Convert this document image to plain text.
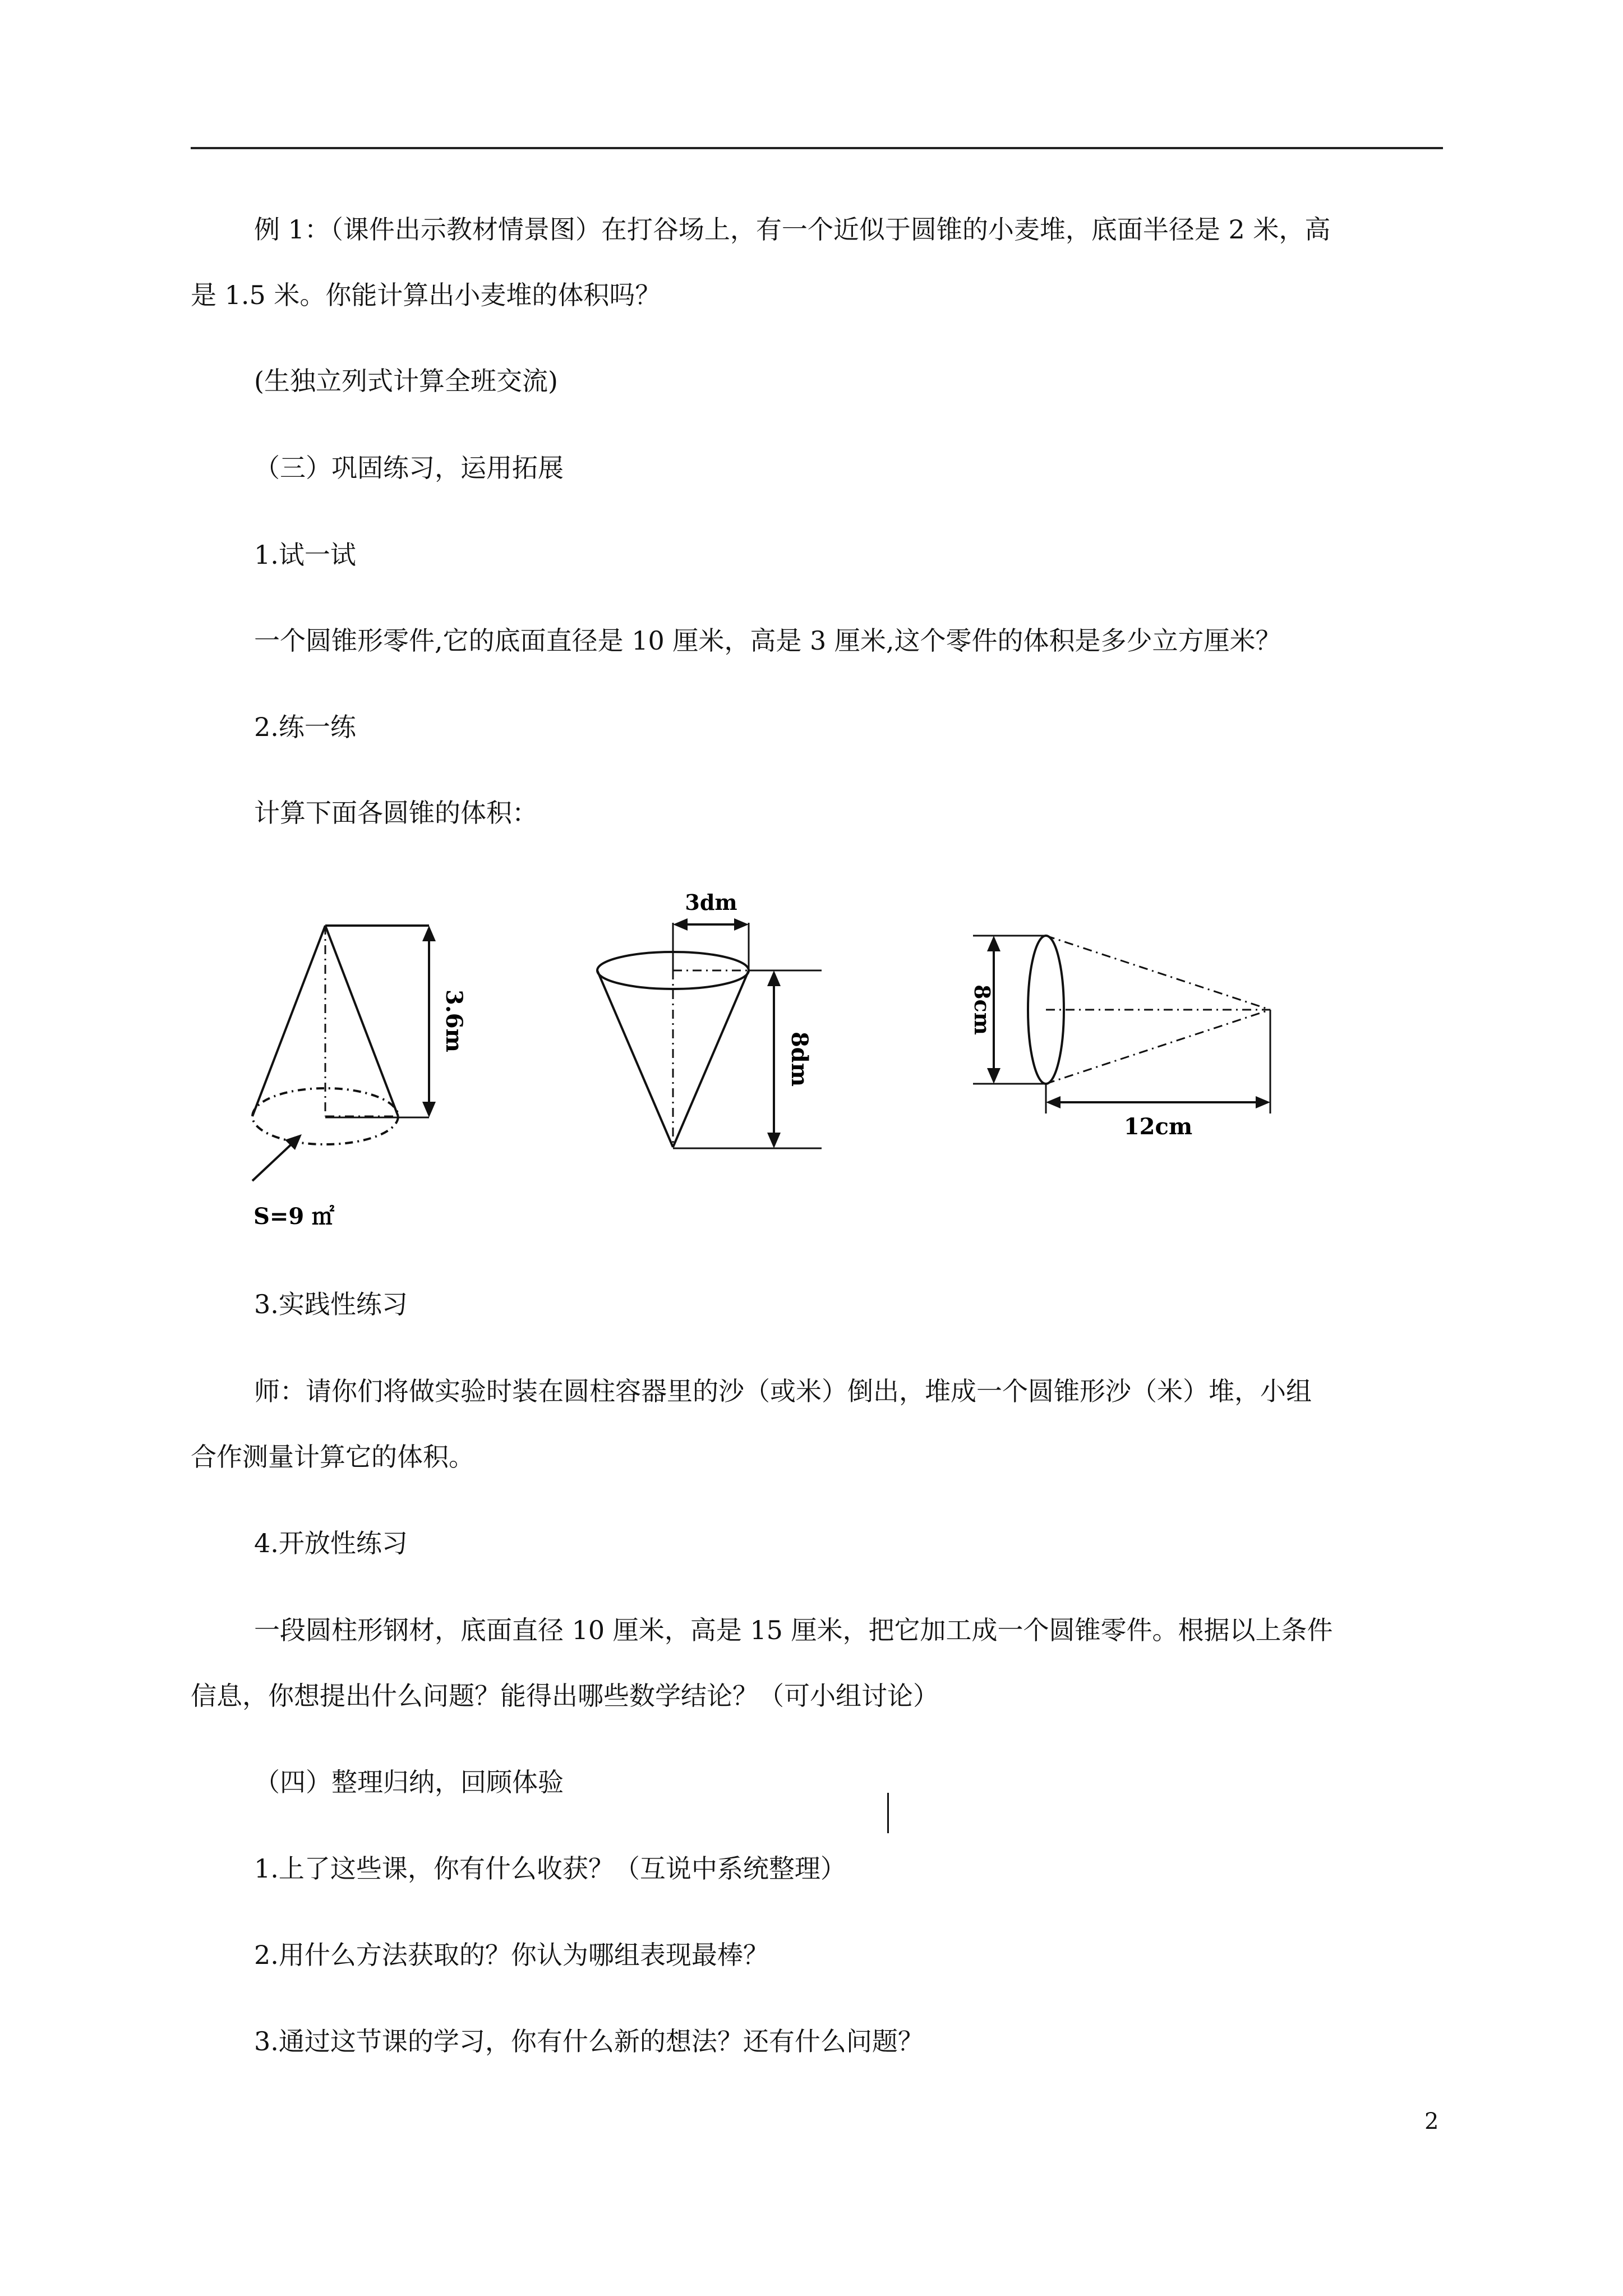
例 1：（课件出示教材情景图）在打谷场上，有一个近似于圆锥的小麦堆，底面半径是 2 米，高

是 1.5 米。你能计算出小麦堆的体积吗？

(生独立列式计算全班交流)

（三）巩固练习，运用拓展

1.试一试

一个圆锥形零件,它的底面直径是 10 厘米，高是 3 厘米,这个零件的体积是多少立方厘米？

2.练一练

计算下面各圆锥的体积：

3.6m
S=9 ㎡
3dm
8dm
8cm
12cm

3.实践性练习

师：请你们将做实验时装在圆柱容器里的沙（或米）倒出，堆成一个圆锥形沙（米）堆，小组

合作测量计算它的体积。

4.开放性练习

一段圆柱形钢材，底面直径 10 厘米，高是 15 厘米，把它加工成一个圆锥零件。根据以上条件

信息，你想提出什么问题？能得出哪些数学结论？（可小组讨论）

（四）整理归纳，回顾体验

1.上了这些课，你有什么收获？（互说中系统整理）

2.用什么方法获取的？你认为哪组表现最棒？

3.通过这节课的学习，你有什么新的想法？还有什么问题？

2
